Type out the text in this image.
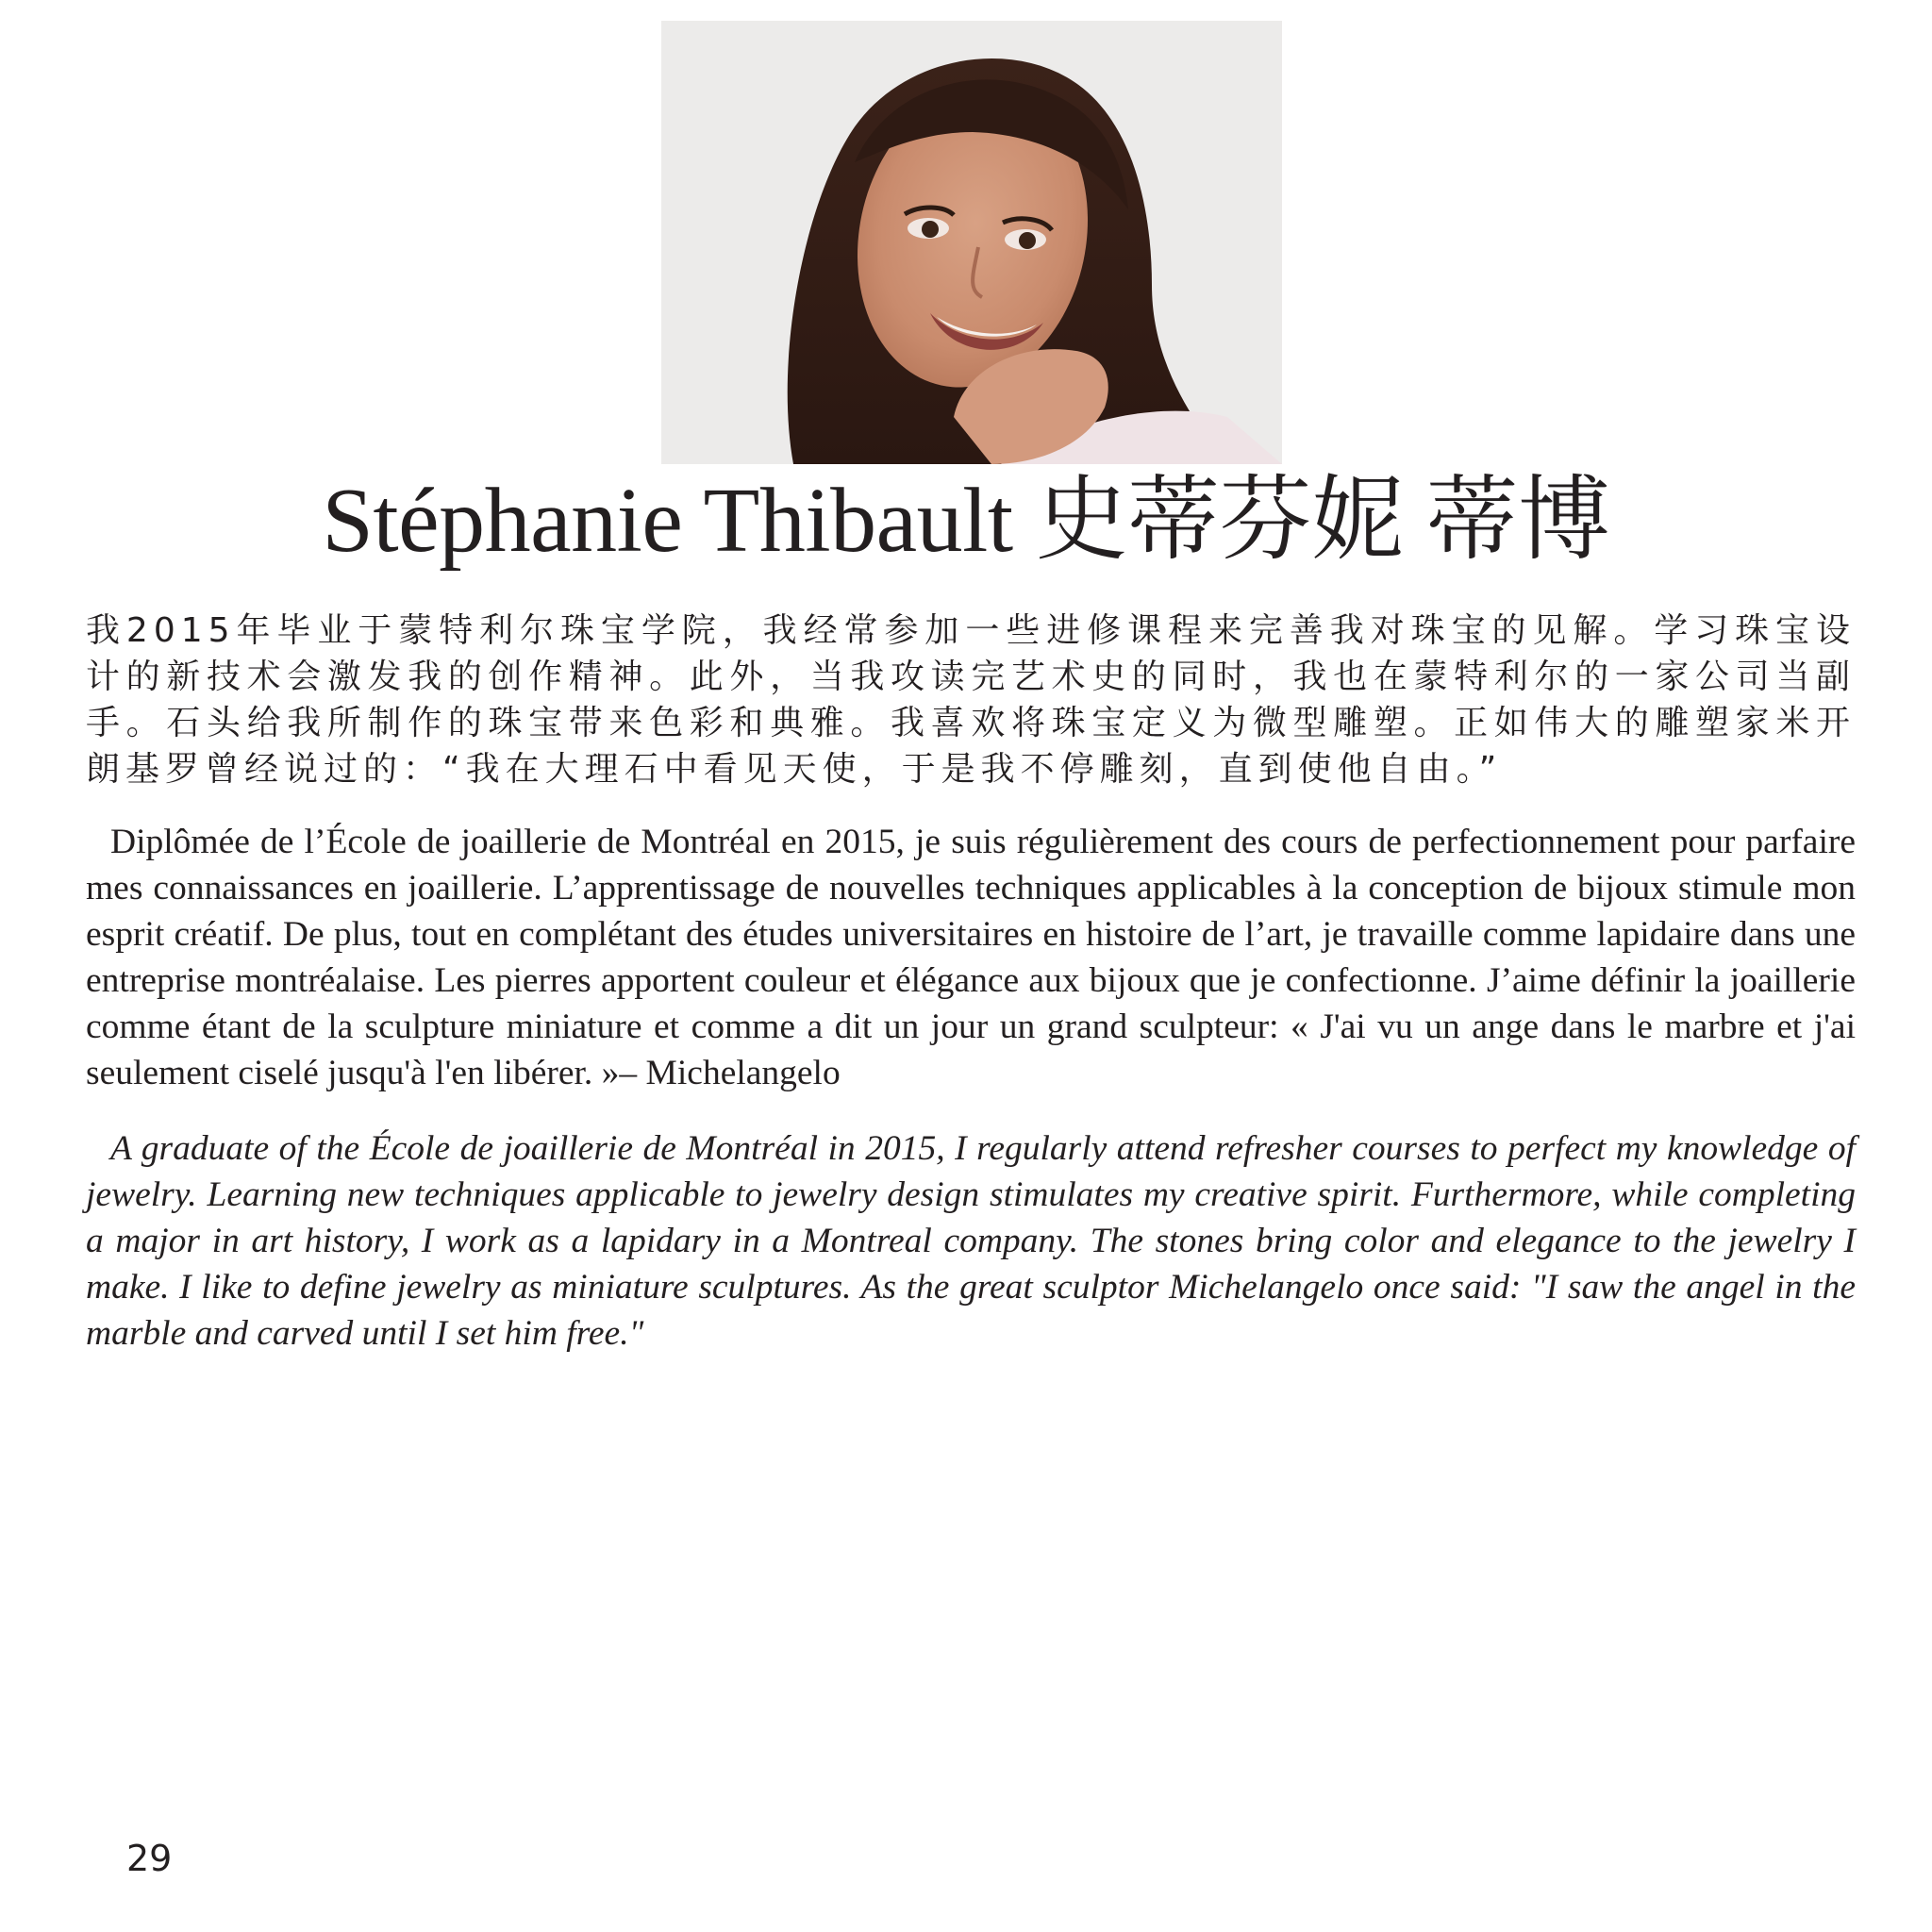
Stéphanie Thibault 史蒂芬妮 蒂博

我2015年毕业于蒙特利尔珠宝学院，我经常参加一些进修课程来完善我对珠宝的见解。学习珠宝设计的新技术会激发我的创作精神。此外，当我攻读完艺术史的同时，我也在蒙特利尔的一家公司当副手。石头给我所制作的珠宝带来色彩和典雅。我喜欢将珠宝定义为微型雕塑。正如伟大的雕塑家米开朗基罗曾经说过的：“我在大理石中看见天使，于是我不停雕刻，直到使他自由。”

Diplômée de l’École de joaillerie de Montréal en 2015, je suis régulièrement des cours de perfectionnement pour parfaire mes connaissances en joaillerie. L’apprentissage de nouvelles techniques applicables à la conception de bijoux stimule mon esprit créatif. De plus, tout en complétant des études universitaires en histoire de l’art, je travaille comme lapidaire dans une entreprise montréalaise. Les pierres apportent couleur et élégance aux bijoux que je confectionne. J’aime définir la joaillerie comme étant de la sculpture miniature et comme a dit un jour un grand sculpteur: « J'ai vu un ange dans le marbre et j'ai seulement ciselé jusqu'à l'en libérer. »– Michelangelo

A graduate of the École de joaillerie de Montréal in 2015, I regularly attend refresher courses to perfect my knowledge of jewelry. Learning new techniques applicable to jewelry design stimulates my creative spirit. Furthermore, while completing a major in art history, I work as a lapidary in a Montreal company. The stones bring color and elegance to the jewelry I make. I like to define jewelry as miniature sculptures. As the great sculptor Michelangelo once said: "I saw the angel in the marble and carved until I set him free."

29
